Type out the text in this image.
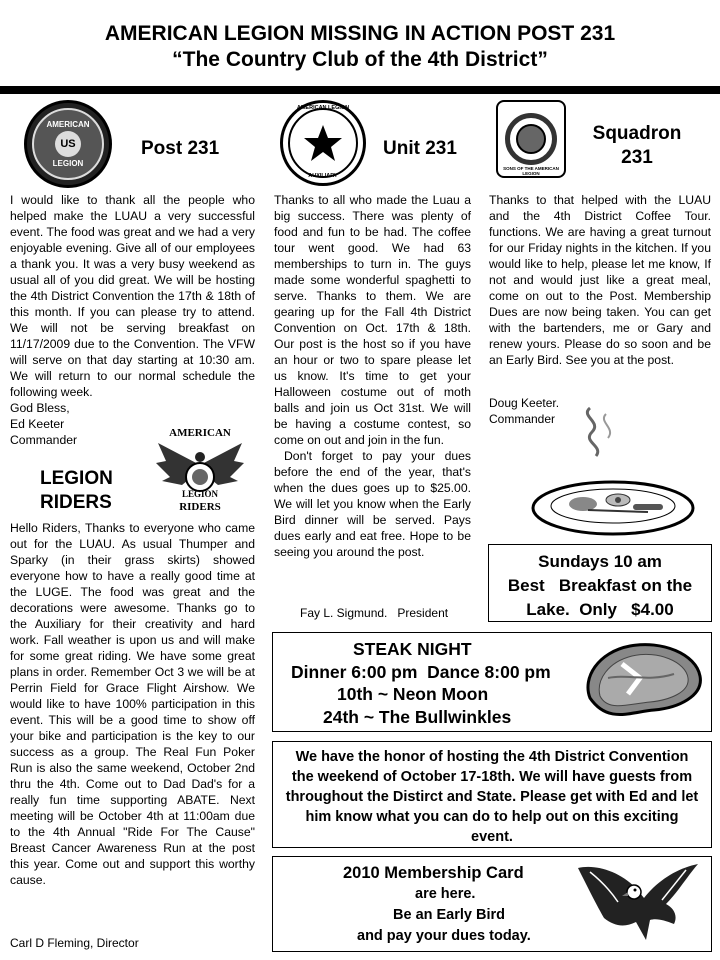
AMERICAN LEGION MISSING IN ACTION POST 231
“The Country Club of the 4th District”
AMERICAN
US
LEGION
Post 231

I would like to thank all the people who helped make the LUAU a very successful event. The food was great and we had a very enjoyable evening. Give all of our employees a thank you. It was a very busy weekend as usual all of you did great. We will be hosting the 4th District Convention the 17th & 18th of this month. If you can please try to attend. We will not be serving breakfast on 11/17/2009 due to the Convention. The VFW will serve on that day starting at 10:30 am. We will return to our normal schedule the following week.

God Bless,

Ed Keeter

Commander

LEGION
RIDERS
AMERICAN
LEGION
RIDERS
Hello Riders, Thanks to everyone who came out for the LUAU. As usual Thumper and Sparky (in their grass skirts) showed everyone how to have a really good time at the LUGE. The food was great and the decorations were awesome. Thanks go to the Auxiliary for their creativity and hard work. Fall weather is upon us and will make for some great riding. We have some great plans in order. Remember Oct 3 we will be at Perrin Field for Grace Flight Airshow. We would like to have 100% participation in this event. This will be a good time to show off your bike and participation is the key to our success as a group. The Real Fun Poker Run is also the same weekend, October 2nd thru the 4th. Come out to Dad Dad's for a really fun time supporting ABATE. Next meeting will be October 4th at 11:00am due to the 4th Annual "Ride For The Cause" Breast Cancer Awareness Run at the post this year. Come out and support this worthy cause.
Carl D Fleming, Director
AMERICAN LEGION
AUXILIARY
Unit 231

Thanks to all who made the Luau a big success. There was plenty of food and fun to be had. The coffee tour went good. We had 63 memberships to turn in. The guys made some wonderful spaghetti to serve. Thanks to them. We are gearing up for the Fall 4th District Convention on Oct. 17th & 18th. Our post is the host so if you have an hour or two to spare please let us know. It's time to get your Halloween costume out of moth balls and join us Oct 31st. We will be having a costume contest, so come on out and join in the fun.

Don't forget to pay your dues before the end of the year, that's when the dues goes up to $25.00. We will let you know when the Early Bird dinner will be served. Pays dues early and eat free. Hope to be seeing you around the post.

Fay L. Sigmund.   President
SONS OF THE AMERICAN LEGION
Squadron
231
Thanks to that helped with the LUAU and the 4th District Coffee Tour. functions. We are having a great turnout for our Friday nights in the kitchen. If you would like to help, please let me know, If not and would just like a great meal, come on out to the Post. Membership Dues are now being taken. You can get with the bartenders, me or Gary and renew yours. Please do so soon and be an Early Bird. See you at the post.
Doug Keeter.
Commander
Sundays 10 am
Best   Breakfast on the
Lake.  Only   $4.00
STEAK NIGHT
Dinner 6:00 pm  Dance 8:00 pm
10th ~ Neon Moon
24th ~ The Bullwinkles
We have the honor of hosting the 4th District Convention the weekend of October 17-18th. We will have guests from throughout the Distirct and State. Please get with Ed and let him know what you can do to help out on this exciting event.
2010 Membership Card
are here.
Be an Early Bird
and pay your dues today.
